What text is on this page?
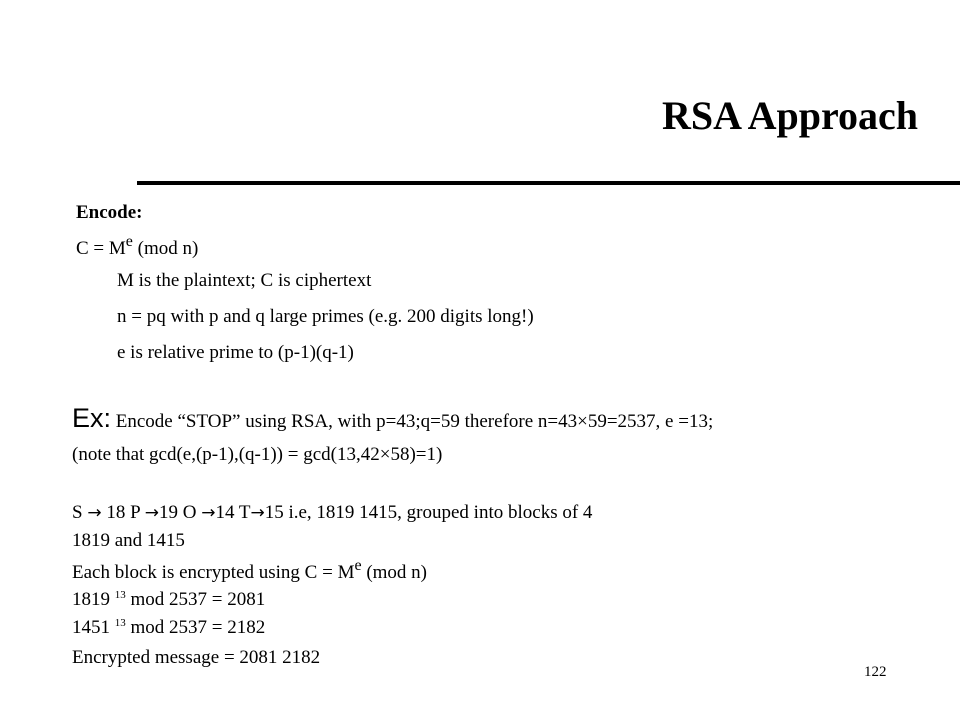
RSA Approach
Encode:
$C = M^e$ (mod n)
M is the plaintext; C is ciphertext
n = pq with p and q large primes (e.g. 200 digits long!)
e is relative prime to (p-1)(q-1)
Ex: Encode “STOP” using RSA, with p=43;q=59 therefore n=43×59=2537, e =13;
(note that gcd(e,(p-1),(q-1)) = gcd(13,42×58)=1)
S → 18 P →19 O →14 T→15 i.e, 1819 1415, grouped into blocks of 4
1819 and 1415
Each block is encrypted using $C = M^e$ (mod n)
1819 $^{13}$ mod 2537 = 2081
1451 $^{13}$ mod 2537 = 2182
Encrypted message = 2081 2182
122
